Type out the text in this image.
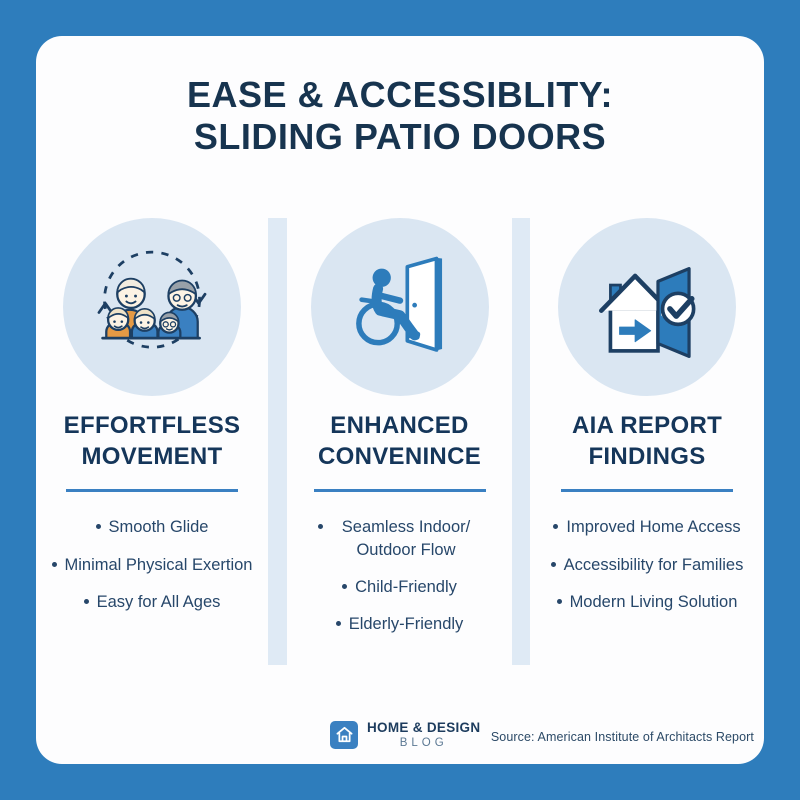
EASE & ACCESSIBLITY:
SLIDING PATIO DOORS
EFFORTFLESS
MOVEMENT
Smooth Glide
Minimal Physical Exertion
Easy for All Ages
ENHANCED
CONVENINCE
Seamless Indoor/ Outdoor Flow
Child-Friendly
Elderly-Friendly
AIA REPORT
FINDINGS
Improved Home Access
Accessibility for Families
Modern Living Solution
HOME & DESIGN
BLOG	Source: American Institute of Architacts Report
